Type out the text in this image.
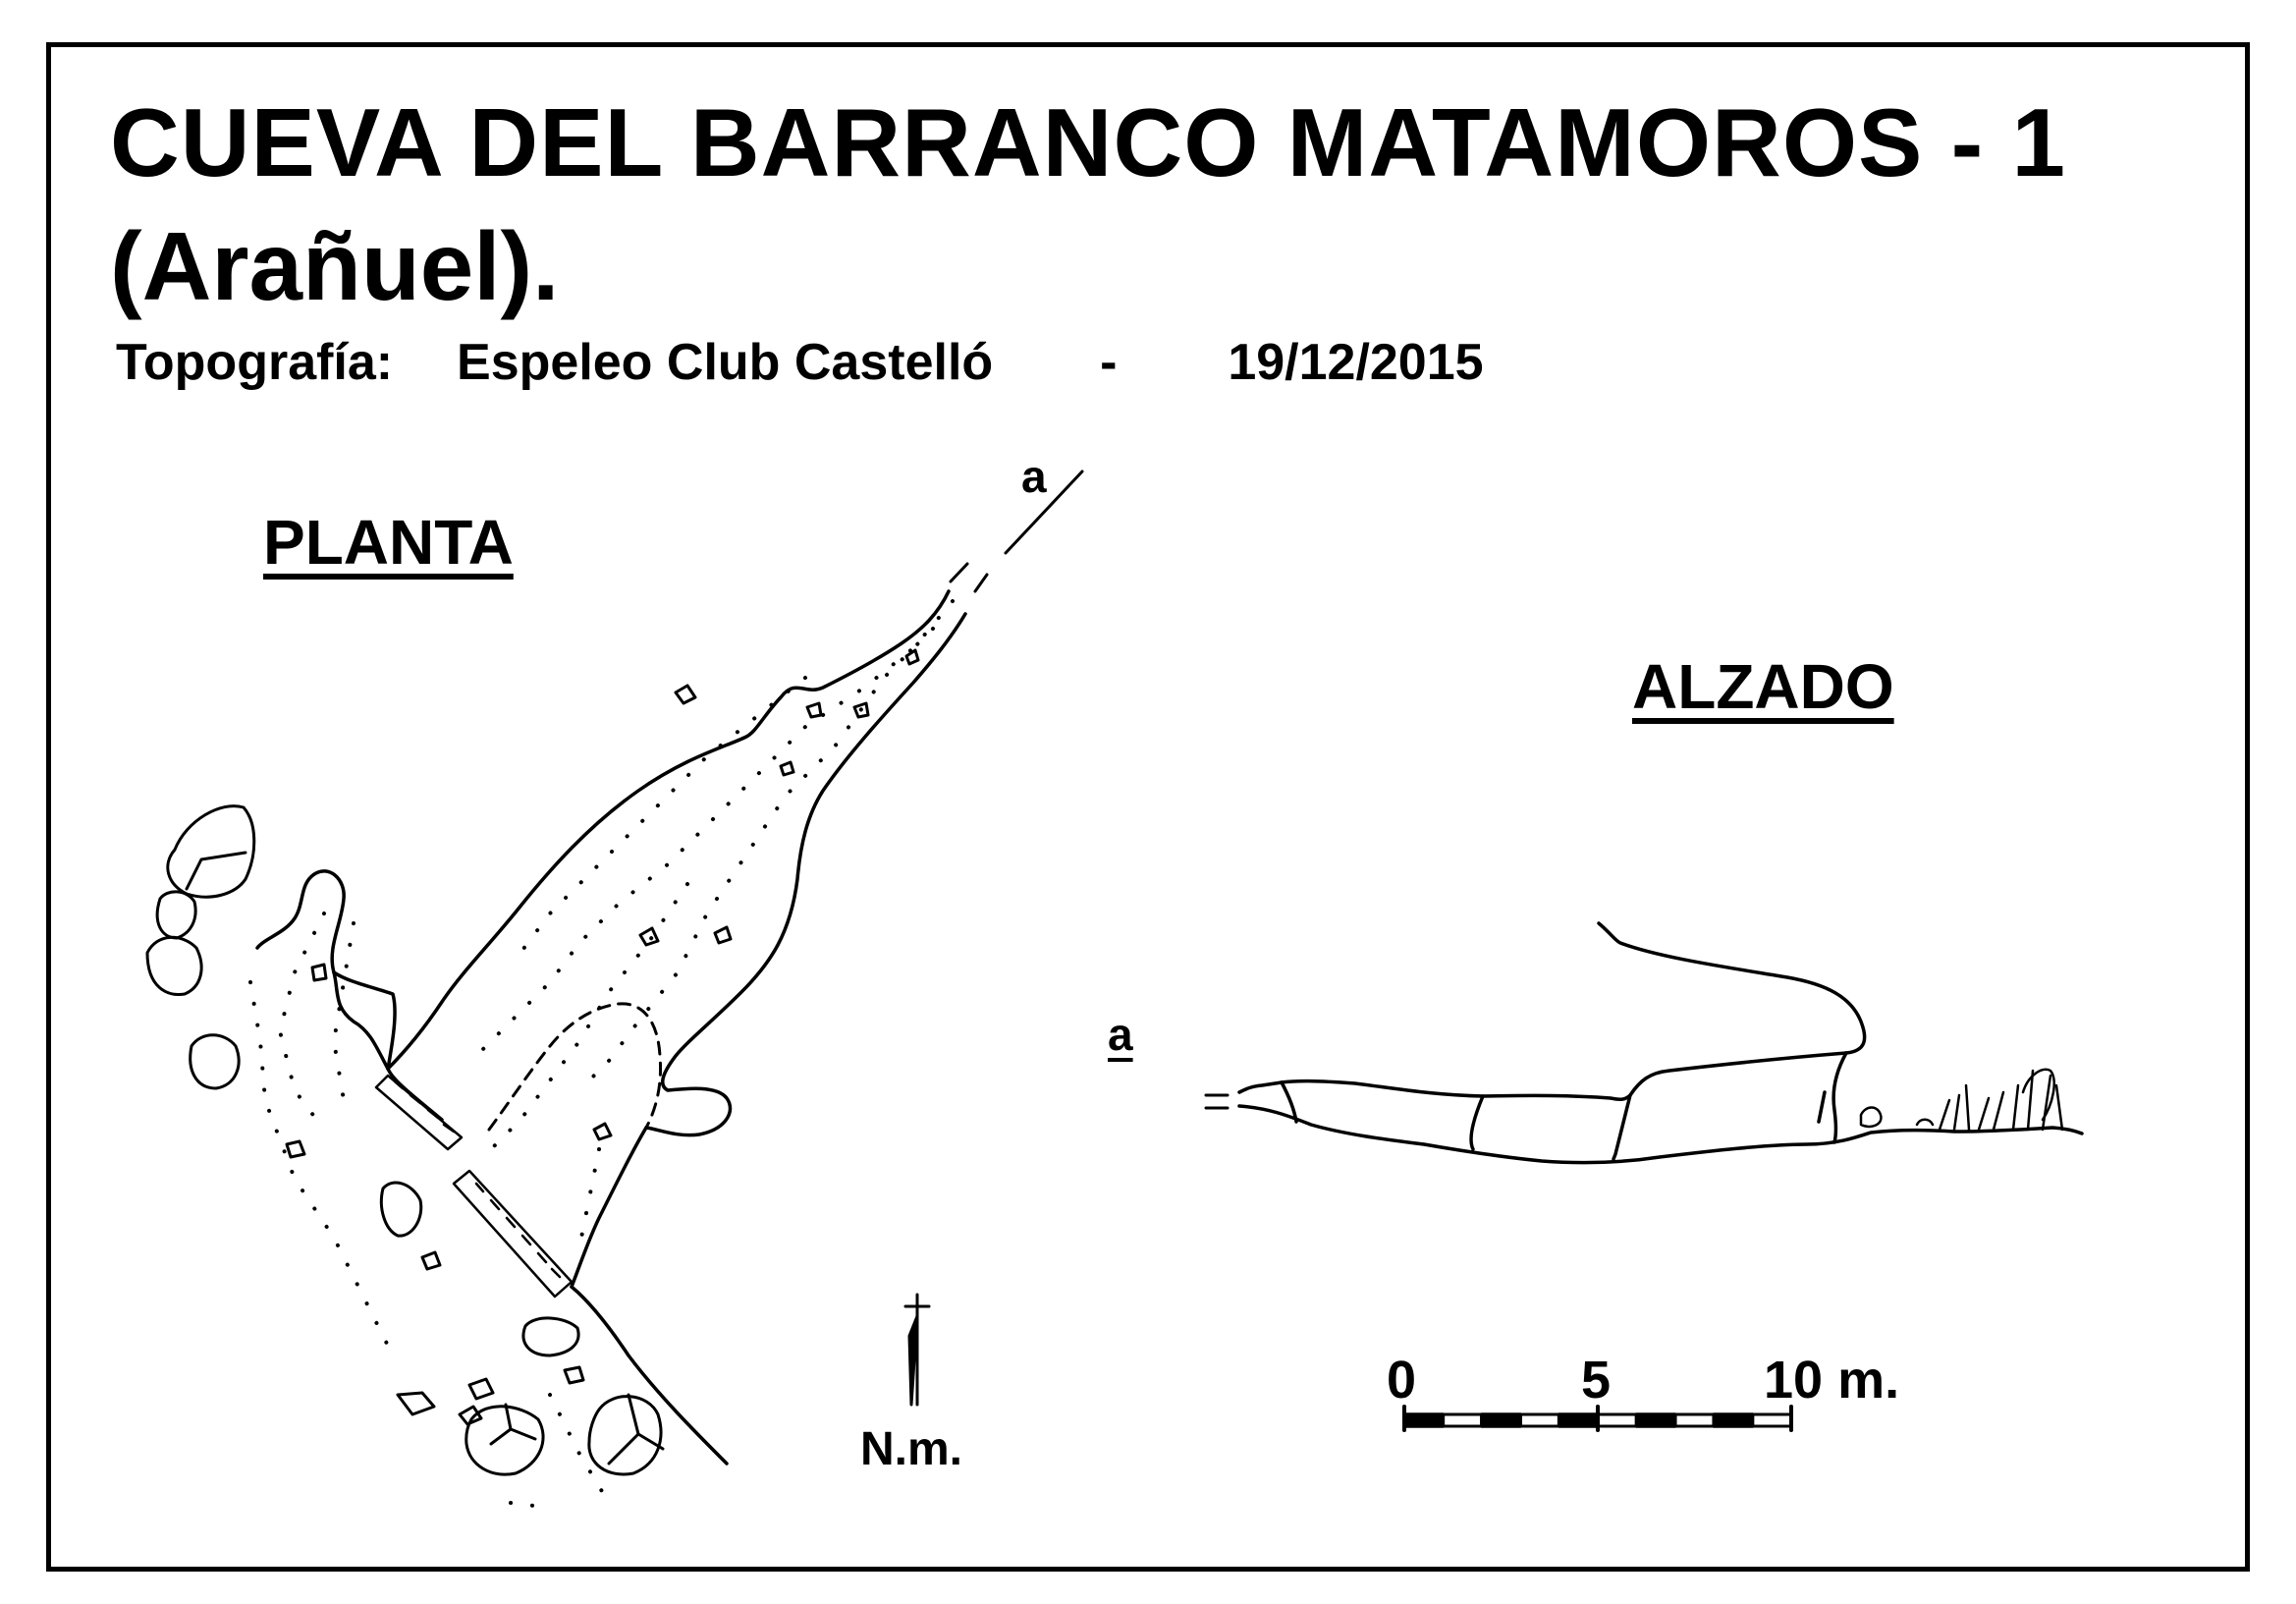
CUEVA DEL BARRANCO MATAMOROS - 1
(Arañuel).
Topografía: Espeleo Club Castelló - 19/12/2015
PLANTA
ALZADO
a
a
N.m.
0	5	10 m.
